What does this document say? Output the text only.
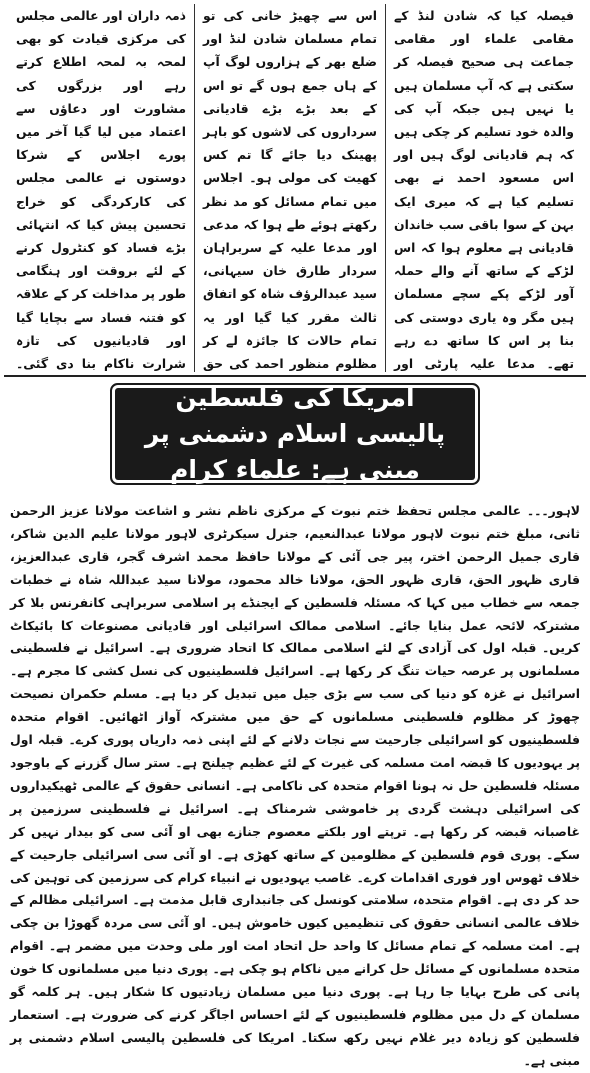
فیصلہ کیا کہ شادن لنڈ کے مقامی علماء اور مقامی جماعت ہی صحیح فیصلہ کر سکتی ہے کہ آپ مسلمان ہیں یا نہیں ہیں جبکہ آپ کی والدہ خود تسلیم کر چکی ہیں کہ ہم قادیانی لوگ ہیں اور اس مسعود احمد نے بھی تسلیم کیا ہے کہ میری ایک بہن کے سوا باقی سب خاندان قادیانی ہے معلوم ہوا کہ اس لڑکے کے ساتھ آنے والے حملہ آور لڑکے پکے سچے مسلمان ہیں مگر وہ یاری دوستی کی بنا پر اس کا ساتھ دے رہے تھے۔ مدعا علیہ پارٹی اور

اس سے چھیڑ خانی کی تو تمام مسلمان شادن لنڈ اور ضلع بھر کے ہزاروں لوگ آپ کے ہاں جمع ہوں گے تو اس کے بعد بڑے بڑے قادیانی سرداروں کی لاشوں کو باہر پھینک دیا جائے گا تم کس کھیت کی مولی ہو۔ اجلاس میں تمام مسائل کو مد نظر رکھتے ہوئے طے ہوا کہ مدعی اور مدعا علیہ کے سربراہان سردار طارق خان سیہانی، سید عبدالرؤف شاہ کو اتفاق ثالث مقرر کیا گیا اور یہ تمام حالات کا جائزہ لے کر مظلوم منظور احمد کی حق

ذمہ داران اور عالمی مجلس کی مرکزی قیادت کو بھی لمحہ بہ لمحہ اطلاع کرتے رہے اور بزرگوں کی مشاورت اور دعاؤں سے اعتماد میں لیا گیا آخر میں پورے اجلاس کے شرکا دوستوں نے عالمی مجلس کی کارکردگی کو خراج تحسین پیش کیا کہ انتہائی بڑے فساد کو کنٹرول کرنے کے لئے بروقت اور ہنگامی طور پر مداخلت کر کے علاقہ کو فتنہ فساد سے بچایا گیا اور قادیانیوں کی تازہ شرارت ناکام بنا دی گئی۔

امریکا کی فلسطین پالیسی اسلام دشمنی پر مبنی ہے: علماء کرام

لاہور۔۔۔ عالمی مجلس تحفظ ختم نبوت کے مرکزی ناظم نشر و اشاعت مولانا عزیز الرحمن ثانی، مبلغ ختم نبوت لاہور مولانا عبدالنعیم، جنرل سیکرٹری لاہور مولانا علیم الدین شاکر، قاری جمیل الرحمن اختر، پیر جی آئی کے مولانا حافظ محمد اشرف گجر، قاری عبدالعزیز، قاری ظہور الحق، قاری ظہور الحق، مولانا خالد محمود، مولانا سید عبداللہ شاہ نے خطبات جمعہ سے خطاب میں کہا کہ مسئلہ فلسطین کے ایجنڈے پر اسلامی سربراہی کانفرنس بلا کر مشترکہ لائحہ عمل بنایا جائے۔ اسلامی ممالک اسرائیلی اور قادیانی مصنوعات کا بائیکاٹ کریں۔ قبلہ اول کی آزادی کے لئے اسلامی ممالک کا اتحاد ضروری ہے۔ اسرائیل نے فلسطینی مسلمانوں پر عرصہ حیات تنگ کر رکھا ہے۔ اسرائیل فلسطینیوں کی نسل کشی کا مجرم ہے۔ اسرائیل نے غزہ کو دنیا کی سب سے بڑی جیل میں تبدیل کر دیا ہے۔ مسلم حکمران نصیحت چھوڑ کر مظلوم فلسطینی مسلمانوں کے حق میں مشترکہ آواز اٹھائیں۔ اقوام متحدہ فلسطینیوں کو اسرائیلی جارحیت سے نجات دلانے کے لئے اپنی ذمہ داریاں پوری کرے۔ قبلہ اول پر یہودیوں کا قبضہ امت مسلمہ کی غیرت کے لئے عظیم چیلنج ہے۔ ستر سال گزرنے کے باوجود مسئلہ فلسطین حل نہ ہونا اقوام متحدہ کی ناکامی ہے۔ انسانی حقوق کے عالمی ٹھیکیداروں کی اسرائیلی دہشت گردی پر خاموشی شرمناک ہے۔ اسرائیل نے فلسطینی سرزمین پر غاصبانہ قبضہ کر رکھا ہے۔ ترپتے اور بلکتے معصوم جنازے بھی او آئی سی کو بیدار نہیں کر سکے۔ پوری قوم فلسطین کے مظلومین کے ساتھ کھڑی ہے۔ او آئی سی اسرائیلی جارحیت کے خلاف ٹھوس اور فوری اقدامات کرے۔ غاصب یہودیوں نے انبیاء کرام کی سرزمین کی توہین کی حد کر دی ہے۔ اقوام متحدہ، سلامتی کونسل کی جانبداری قابل مذمت ہے۔ اسرائیلی مظالم کے خلاف عالمی انسانی حقوق کی تنظیمیں کیوں خاموش ہیں۔ او آئی سی مردہ گھوڑا بن چکی ہے۔ امت مسلمہ کے تمام مسائل کا واحد حل اتحاد امت اور ملی وحدت میں مضمر ہے۔ اقوام متحدہ مسلمانوں کے مسائل حل کرانے میں ناکام ہو چکی ہے۔ پوری دنیا میں مسلمانوں کا خون پانی کی طرح بہایا جا رہا ہے۔ پوری دنیا میں مسلمان زیادتیوں کا شکار ہیں۔ ہر کلمہ گو مسلمان کے دل میں مظلوم فلسطینیوں کے لئے احساس اجاگر کرنے کی ضرورت ہے۔ استعمار فلسطین کو زیادہ دیر غلام نہیں رکھ سکتا۔ امریکا کی فلسطین پالیسی اسلام دشمنی پر مبنی ہے۔
